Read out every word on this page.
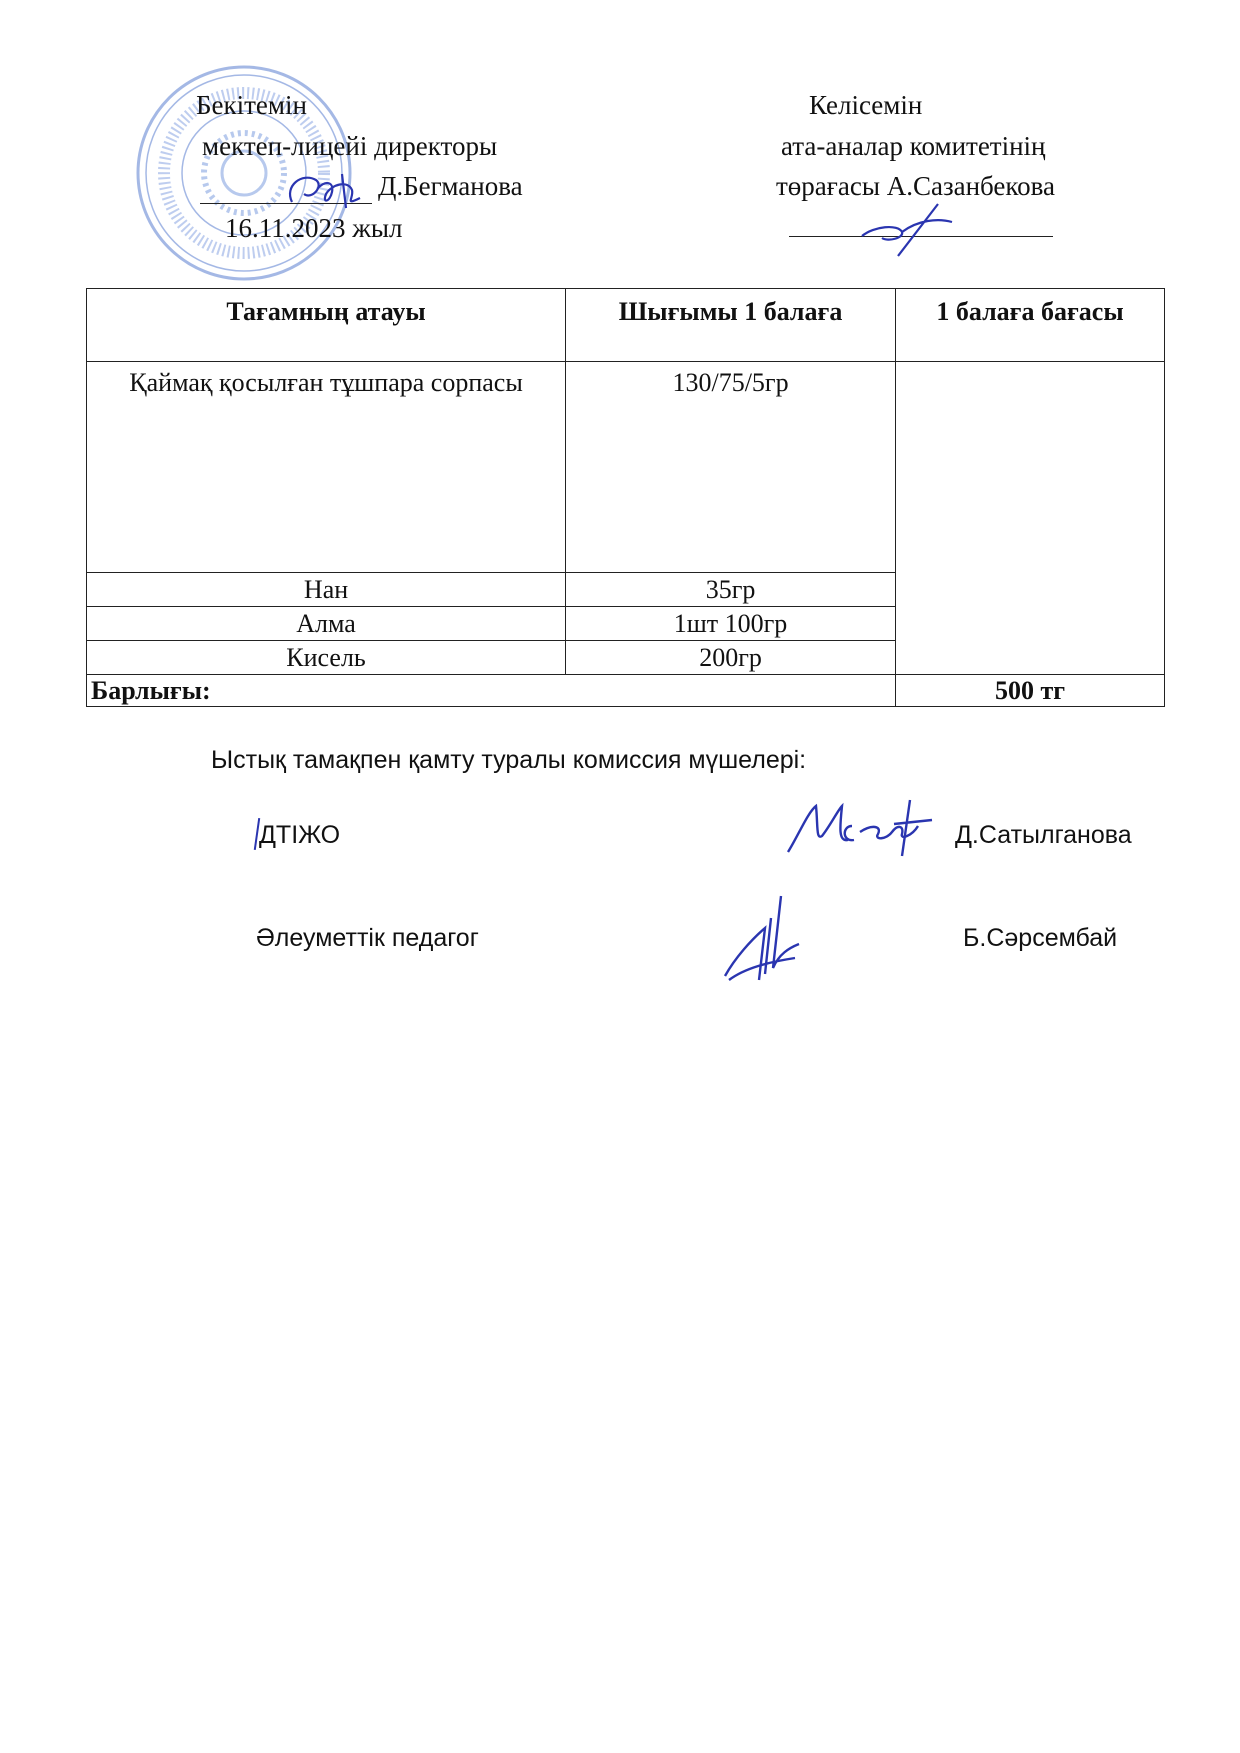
Бекітемін
мектеп-лицейі директоры
Д.Бегманова
16.11.2023 жыл
Келісемін
ата-аналар комитетінің
төрағасы А.Сазанбекова
Тағамның атауы	Шығымы 1 балаға	1 балаға бағасы
Қаймақ қосылған тұшпара сорпасы	130/75/5гр	
Нан	35гр	
Алма	1шт 100гр	
Кисель	200гр	
Барлығы:		500 тг
Ыстық тамақпен қамту туралы комиссия мүшелері:
ДТІЖО	Д.Сатылганова
Әлеуметтік педагог	Б.Сәрсембай
